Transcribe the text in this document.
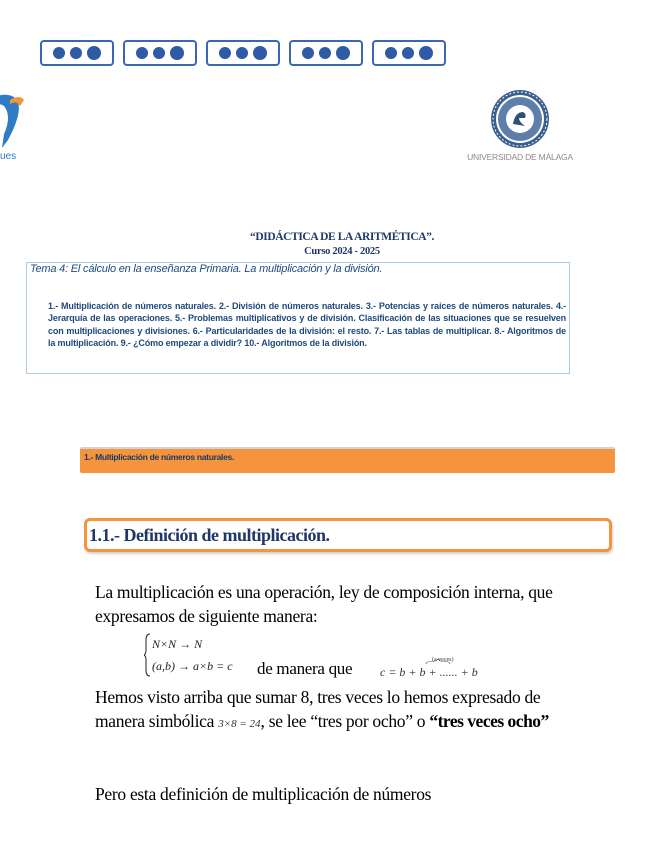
ues	UNIVERSIDAD DE MÁLAGA
“DIDÁCTICA DE LA ARITMÉTICA”.
Curso 2024 - 2025
Tema 4: El cálculo en la enseñanza Primaria. La multiplicación y la división.

1.- Multiplicación de números naturales. 2.- División de números naturales. 3.- Potencias y raíces de números naturales. 4.- Jerarquía de las operaciones. 5.- Problemas multiplicativos y de división. Clasificación de las situaciones que se resuelven con multiplicaciones y divisiones. 6.- Particularidades de la división: el resto. 7.- Las tablas de multiplicar. 8.- Algoritmos de la multiplicación. 9.- ¿Cómo empezar a dividir? 10.- Algoritmos de la división.

1.- Multiplicación de números naturales.
1.1.- Definición de multiplicación.

La multiplicación es una operación, ley de composición interna, que expresamos de siguiente manera:

N×N → N
(a,b) → a×b = c de manera que	(a veces)
c = b + b + ...... + b

Hemos visto arriba que sumar 8, tres veces lo hemos expresado de manera simbólica 3×8 = 24, se lee “tres por ocho” o “tres veces ocho”

Pero esta definición de multiplicación de números
